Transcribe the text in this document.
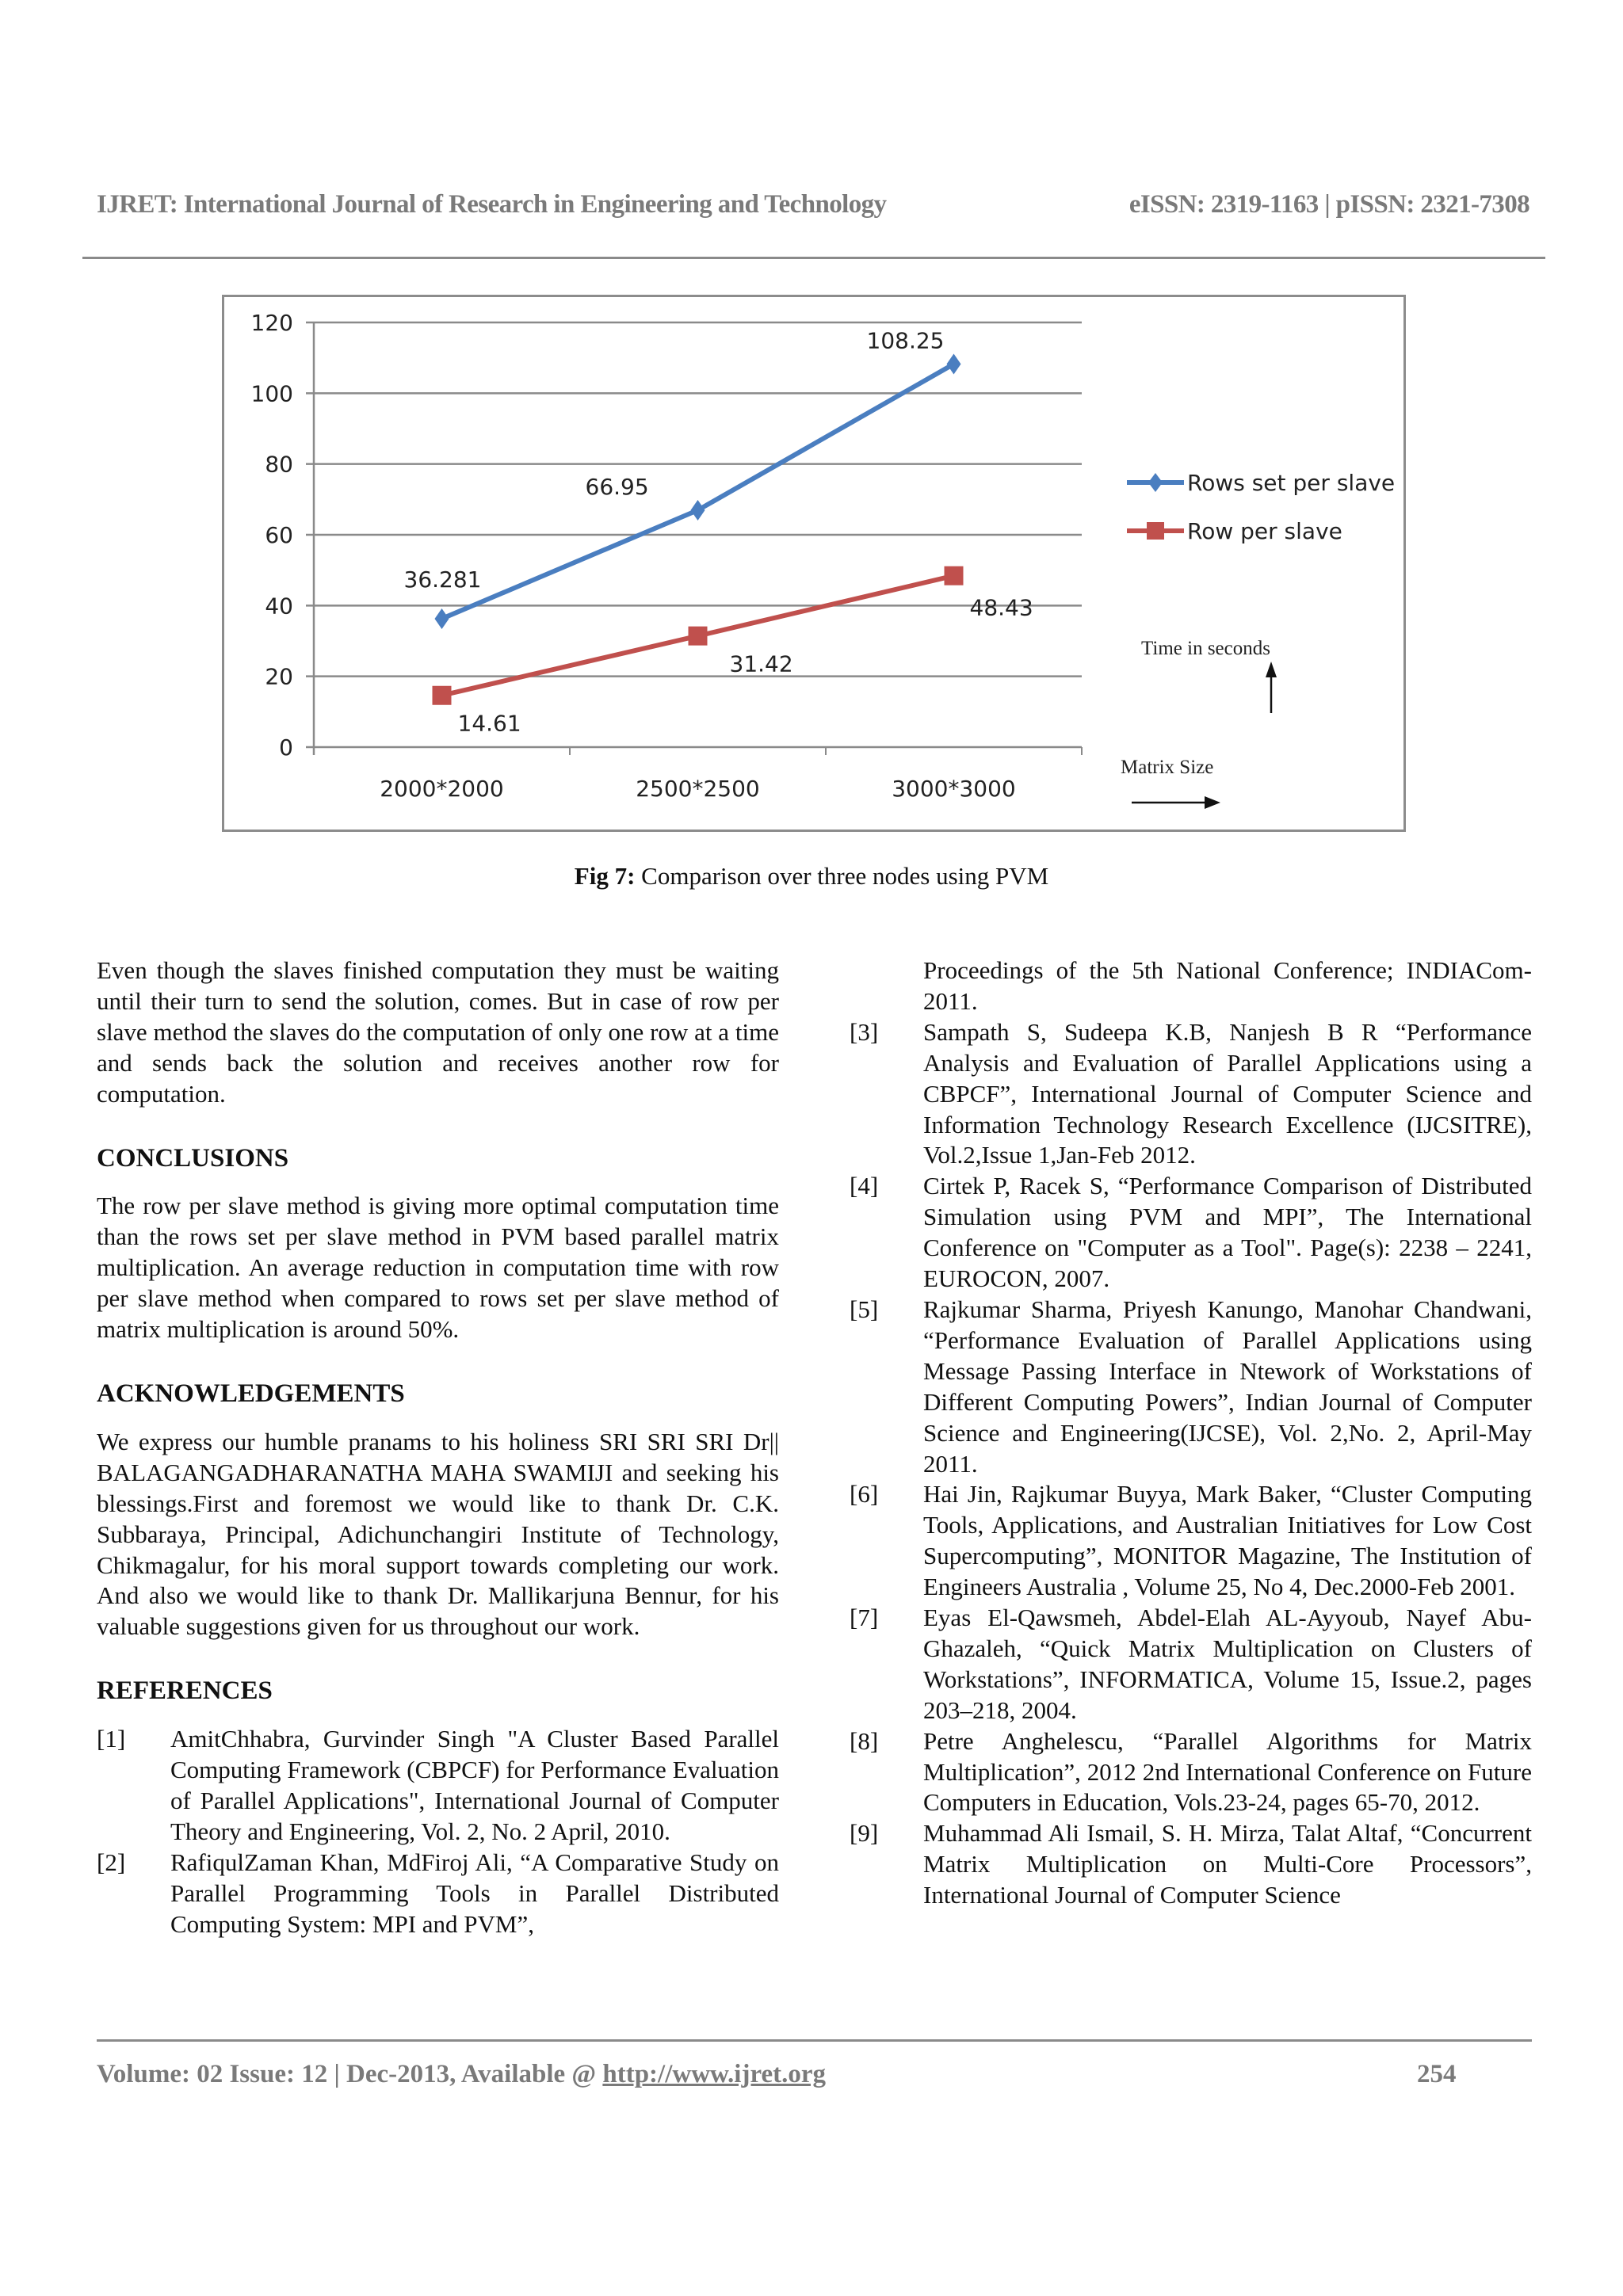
IJRET: International Journal of Research in Engineering and Technology	eISSN: 2319-1163 | pISSN: 2321-7308
0
20
40
60
80
100
120
2000*2000	2500*2500	3000*3000
36.281
66.95
108.25
14.61
31.42
48.43
Rows set per slave
Row per slave
Time in seconds
Matrix Size
Fig 7: Comparison over three nodes using PVM
Even though the slaves finished computation they must be waiting until their turn to send the solution, comes. But in case of row per slave method the slaves do the computation of only one row at a time and sends back the solution and receives another row for computation.
CONCLUSIONS
The row per slave method is giving more optimal computation time than the rows set per slave method in PVM based parallel matrix multiplication. An average reduction in computation time with row per slave method when compared to rows set per slave method of matrix multiplication is around 50%.
ACKNOWLEDGEMENTS
We express our humble pranams to his holiness SRI SRI SRI Dr|| BALAGANGADHARANATHA MAHA SWAMIJI and seeking his blessings.First and foremost we would like to thank Dr. C.K. Subbaraya, Principal, Adichunchangiri Institute of Technology, Chikmagalur, for his moral support towards completing our work. And also we would like to thank Dr. Mallikarjuna Bennur, for his valuable suggestions given for us throughout our work.
REFERENCES
[1] AmitChhabra, Gurvinder Singh "A Cluster Based Parallel Computing Framework (CBPCF) for Performance Evaluation of Parallel Applications", International Journal of Computer Theory and Engineering, Vol. 2, No. 2 April, 2010.
[2] RafiqulZaman Khan, MdFiroj Ali, “A Comparative Study on Parallel Programming Tools in Parallel Distributed Computing System: MPI and PVM”,
Proceedings of the 5th National Conference; INDIACom-2011.
[3] Sampath S, Sudeepa K.B, Nanjesh B R “Performance Analysis and Evaluation of Parallel Applications using a CBPCF”, International Journal of Computer Science and Information Technology Research Excellence (IJCSITRE), Vol.2,Issue 1,Jan-Feb 2012.
[4] Cirtek P, Racek S, “Performance Comparison of Distributed Simulation using PVM and MPI”, The International Conference on "Computer as a Tool". Page(s): 2238 – 2241, EUROCON, 2007.
[5] Rajkumar Sharma, Priyesh Kanungo, Manohar Chandwani, “Performance Evaluation of Parallel Applications using Message Passing Interface in Ntework of Workstations of Different Computing Powers”, Indian Journal of Computer Science and Engineering(IJCSE), Vol. 2,No. 2, April-May 2011.
[6] Hai Jin, Rajkumar Buyya, Mark Baker, “Cluster Computing Tools, Applications, and Australian Initiatives for Low Cost Supercomputing”, MONITOR Magazine, The Institution of Engineers Australia , Volume 25, No 4, Dec.2000-Feb 2001.
[7] Eyas El-Qawsmeh, Abdel-Elah AL-Ayyoub, Nayef Abu-Ghazaleh, “Quick Matrix Multiplication on Clusters of Workstations”, INFORMATICA, Volume 15, Issue.2, pages 203–218, 2004.
[8] Petre Anghelescu, “Parallel Algorithms for Matrix Multiplication”, 2012 2nd International Conference on Future Computers in Education, Vols.23-24, pages 65-70, 2012.
[9] Muhammad Ali Ismail, S. H. Mirza, Talat Altaf, “Concurrent Matrix Multiplication on Multi-Core Processors”, International Journal of Computer Science
Volume: 02 Issue: 12 | Dec-2013, Available @ http://www.ijret.org	254
